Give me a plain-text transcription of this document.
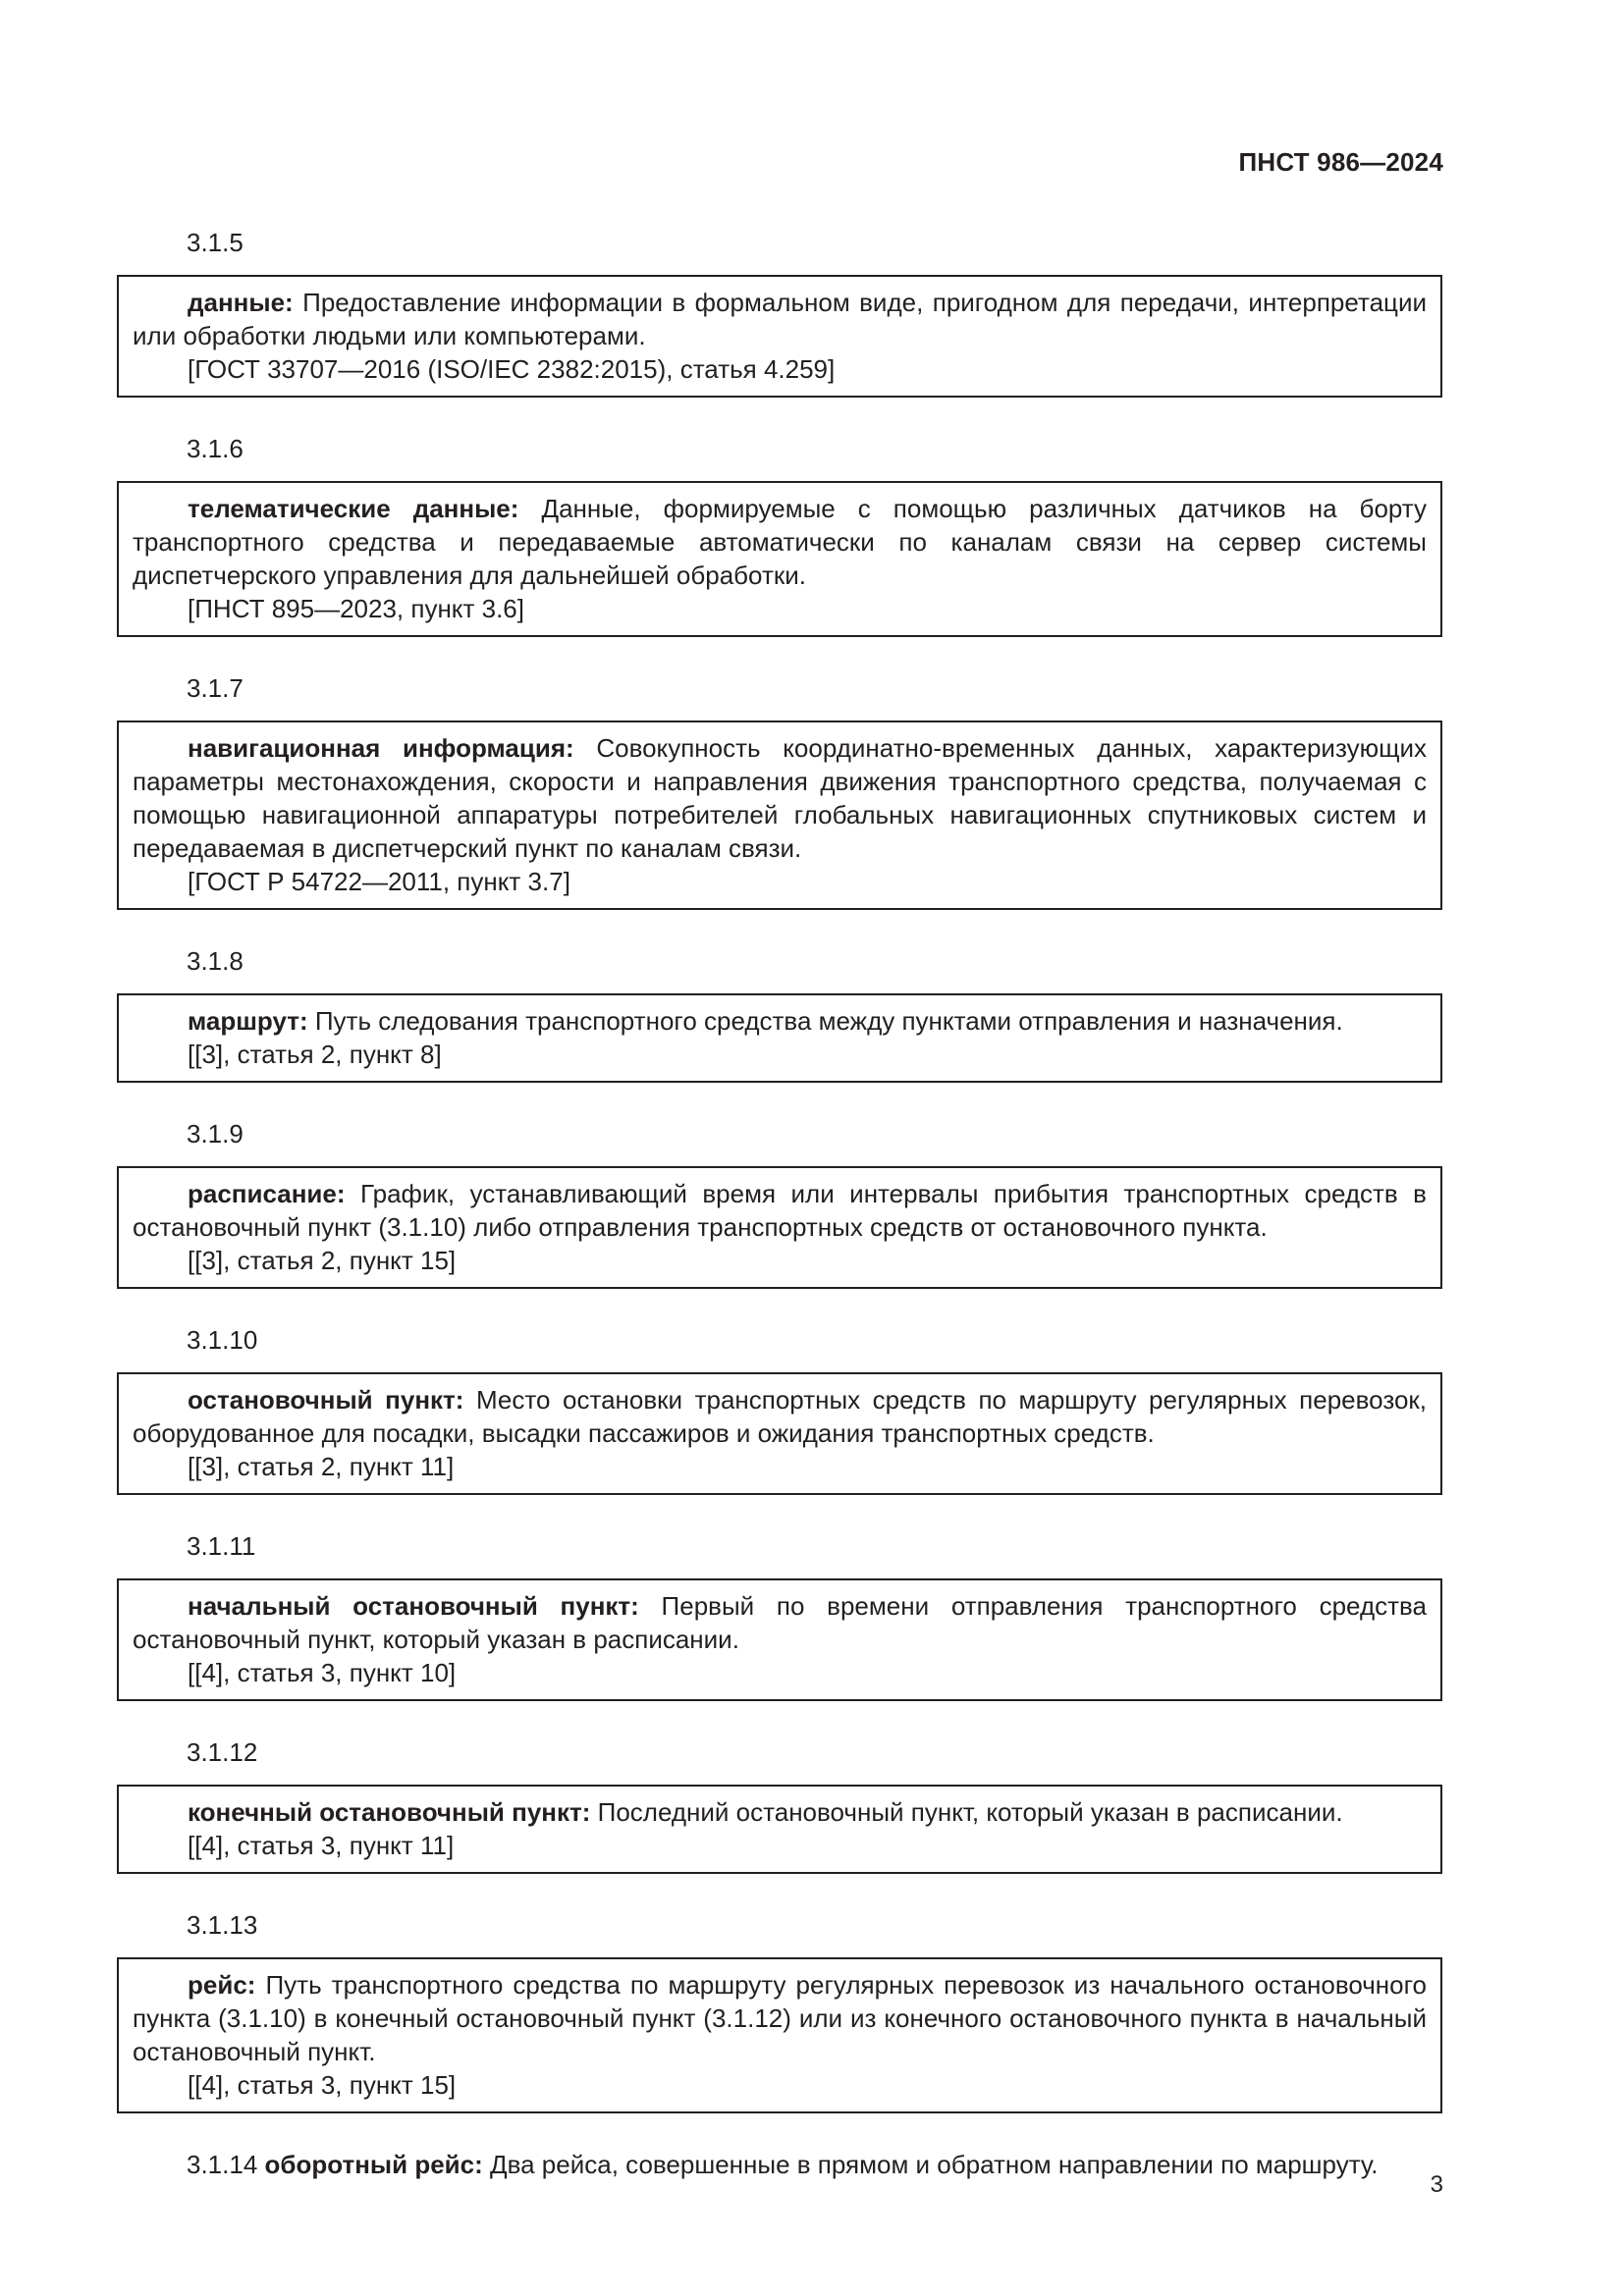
ПНСТ 986—2024
3.1.5

данные: Предоставление информации в формальном виде, пригодном для передачи, интерпретации или обработки людьми или компьютерами.

[ГОСТ 33707—2016 (ISO/IEC 2382:2015), статья 4.259]

3.1.6

телематические данные: Данные, формируемые с помощью различных датчиков на борту транспортного средства и передаваемые автоматически по каналам связи на сервер системы диспетчерского управления для дальнейшей обработки.

[ПНСТ 895—2023, пункт 3.6]

3.1.7

навигационная информация: Совокупность координатно-временных данных, характеризующих параметры местонахождения, скорости и направления движения транспортного средства, получаемая с помощью навигационной аппаратуры потребителей глобальных навигационных спутниковых систем и передаваемая в диспетчерский пункт по каналам связи.

[ГОСТ Р 54722—2011, пункт 3.7]

3.1.8

маршрут: Путь следования транспортного средства между пунктами отправления и назначения.

[[3], статья 2, пункт 8]

3.1.9

расписание: График, устанавливающий время или интервалы прибытия транспортных средств в остановочный пункт (3.1.10) либо отправления транспортных средств от остановочного пункта.

[[3], статья 2, пункт 15]

3.1.10

остановочный пункт: Место остановки транспортных средств по маршруту регулярных перевозок, оборудованное для посадки, высадки пассажиров и ожидания транспортных средств.

[[3], статья 2, пункт 11]

3.1.11

начальный остановочный пункт: Первый по времени отправления транспортного средства остановочный пункт, который указан в расписании.

[[4], статья 3, пункт 10]

3.1.12

конечный остановочный пункт: Последний остановочный пункт, который указан в расписании.

[[4], статья 3, пункт 11]

3.1.13

рейс: Путь транспортного средства по маршруту регулярных перевозок из начального остановочного пункта (3.1.10) в конечный остановочный пункт (3.1.12) или из конечного остановочного пункта в начальный остановочный пункт.

[[4], статья 3, пункт 15]

3.1.14 оборотный рейс: Два рейса, совершенные в прямом и обратном направлении по маршруту.

3
